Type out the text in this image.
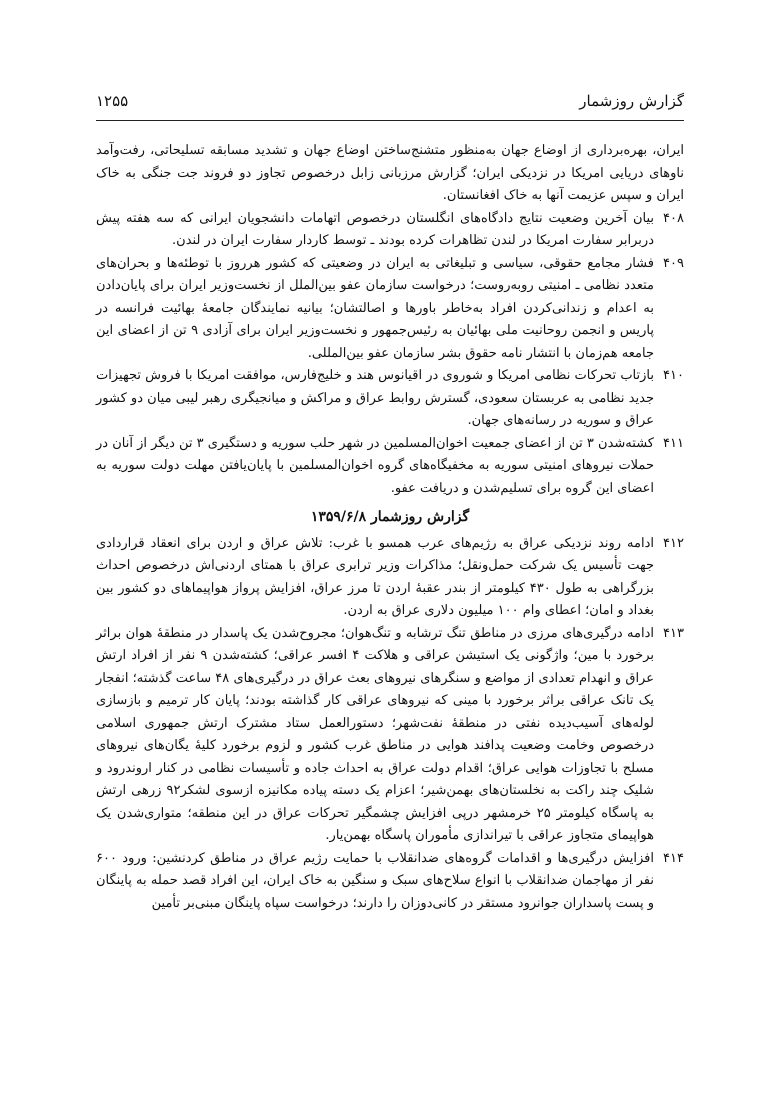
گزارش روزشمار
۱۲۵۵
ایران، بهره‌برداری از اوضاع جهان به‌منظور متشنج‌ساختن اوضاع جهان و تشدید مسابقه تسلیحاتی، رفت‌وآمد ناوهای دریایی امریکا در نزدیکی ایران؛ گزارش مرزبانی زابل درخصوص تجاوز دو فروند جت جنگی به خاک ایران و سپس عزیمت آنها به خاک افغانستان.
۴۰۸
بیان آخرین وضعیت نتایج دادگاه‌های انگلستان درخصوص اتهامات دانشجویان ایرانی که سه هفته پیش دربرابر سفارت امریکا در لندن تظاهرات کرده بودند ـ توسط کاردار سفارت ایران در لندن.
۴۰۹
فشار مجامع حقوقی، سیاسی و تبلیغاتی به ایران در وضعیتی که کشور هرروز با توطئه‌ها و بحران‌های متعدد نظامی ـ امنیتی روبه‌روست؛ درخواست سازمان عفو بین‌الملل از نخست‌وزیر ایران برای پایان‌دادن به اعدام و زندانی‌کردن افراد به‌خاطر باورها و اصالتشان؛ بیانیه نمایندگان جامعهٔ بهائیت فرانسه در پاریس و انجمن روحانیت ملی بهائیان به رئیس‌جمهور و نخست‌وزیر ایران برای آزادی ۹ تن از اعضای این جامعه هم‌زمان با انتشار نامه حقوق بشر سازمان عفو بین‌المللی.
۴۱۰
بازتاب تحرکات نظامی امریکا و شوروی در اقیانوس هند و خلیج‌فارس، موافقت امریکا با فروش تجهیزات جدید نظامی به عربستان سعودی، گسترش روابط عراق و مراکش و میانجیگری رهبر لیبی میان دو کشور عراق و سوریه در رسانه‌های جهان.
۴۱۱
کشته‌شدن ۳ تن از اعضای جمعیت اخوان‌المسلمین در شهر حلب سوریه و دستگیری ۳ تن دیگر از آنان در حملات نیروهای امنیتی سوریه به مخفیگاه‌های گروه اخوان‌المسلمین با پایان‌یافتن مهلت دولت سوریه به اعضای این گروه برای تسلیم‌شدن و دریافت عفو.
گزارش روزشمار ۱۳۵۹/۶/۸
۴۱۲
ادامه روند نزدیکی عراق به رژیم‌های عرب همسو با غرب: تلاش عراق و اردن برای انعقاد قراردادی جهت تأسیس یک شرکت حمل‌ونقل؛ مذاکرات وزیر ترابری عراق با همتای اردنی‌اش درخصوص احداث بزرگراهی به طول ۴۳۰ کیلومتر از بندر عقبهٔ اردن تا مرز عراق، افزایش پرواز هواپیماهای دو کشور بین بغداد و امان؛ اعطای وام ۱۰۰ میلیون دلاری عراق به اردن.
۴۱۳
ادامه درگیری‌های مرزی در مناطق تنگ ترشابه و تنگ‌هوان؛ مجروح‌شدن یک پاسدار در منطقهٔ هوان براثر برخورد با مین؛ واژگونی یک استیشن عراقی و هلاکت ۴ افسر عراقی؛ کشته‌شدن ۹ نفر از افراد ارتش عراق و انهدام تعدادی از مواضع و سنگرهای نیروهای بعث عراق در درگیری‌های ۴۸ ساعت گذشته؛ انفجار یک تانک عراقی براثر برخورد با مینی که نیروهای عراقی کار گذاشته بودند؛ پایان کار ترمیم و بازسازی لوله‌های آسیب‌دیده نفتی در منطقهٔ نفت‌شهر؛ دستورالعمل ستاد مشترک ارتش جمهوری اسلامی درخصوص وخامت وضعیت پدافند هوایی در مناطق غرب کشور و لزوم برخورد کلیهٔ یگان‌های نیروهای مسلح با تجاوزات هوایی عراق؛ اقدام دولت عراق به احداث جاده و تأسیسات نظامی در کنار اروندرود و شلیک چند راکت به نخلستان‌های بهمن‌شیر؛ اعزام یک دسته پیاده مکانیزه ازسوی لشکر۹۲ زرهی ارتش به پاسگاه کیلومتر ۲۵ خرمشهر درپی افزایش چشمگیر تحرکات عراق در این منطقه؛ متواری‌شدن یک هواپیمای متجاوز عراقی با تیراندازی مأموران پاسگاه بهمن‌یار.
۴۱۴
افزایش درگیری‌ها و اقدامات گروه‌های ضدانقلاب با حمایت رژیم عراق در مناطق کردنشین: ورود ۶۰۰ نفر از مهاجمان ضدانقلاب با انواع سلاح‌های سبک و سنگین به خاک ایران، این افراد قصد حمله به پاینگان و پست پاسداران جوانرود مستقر در کانی‌دوزان را دارند؛ درخواست سپاه پاینگان مبنی‌بر تأمین
